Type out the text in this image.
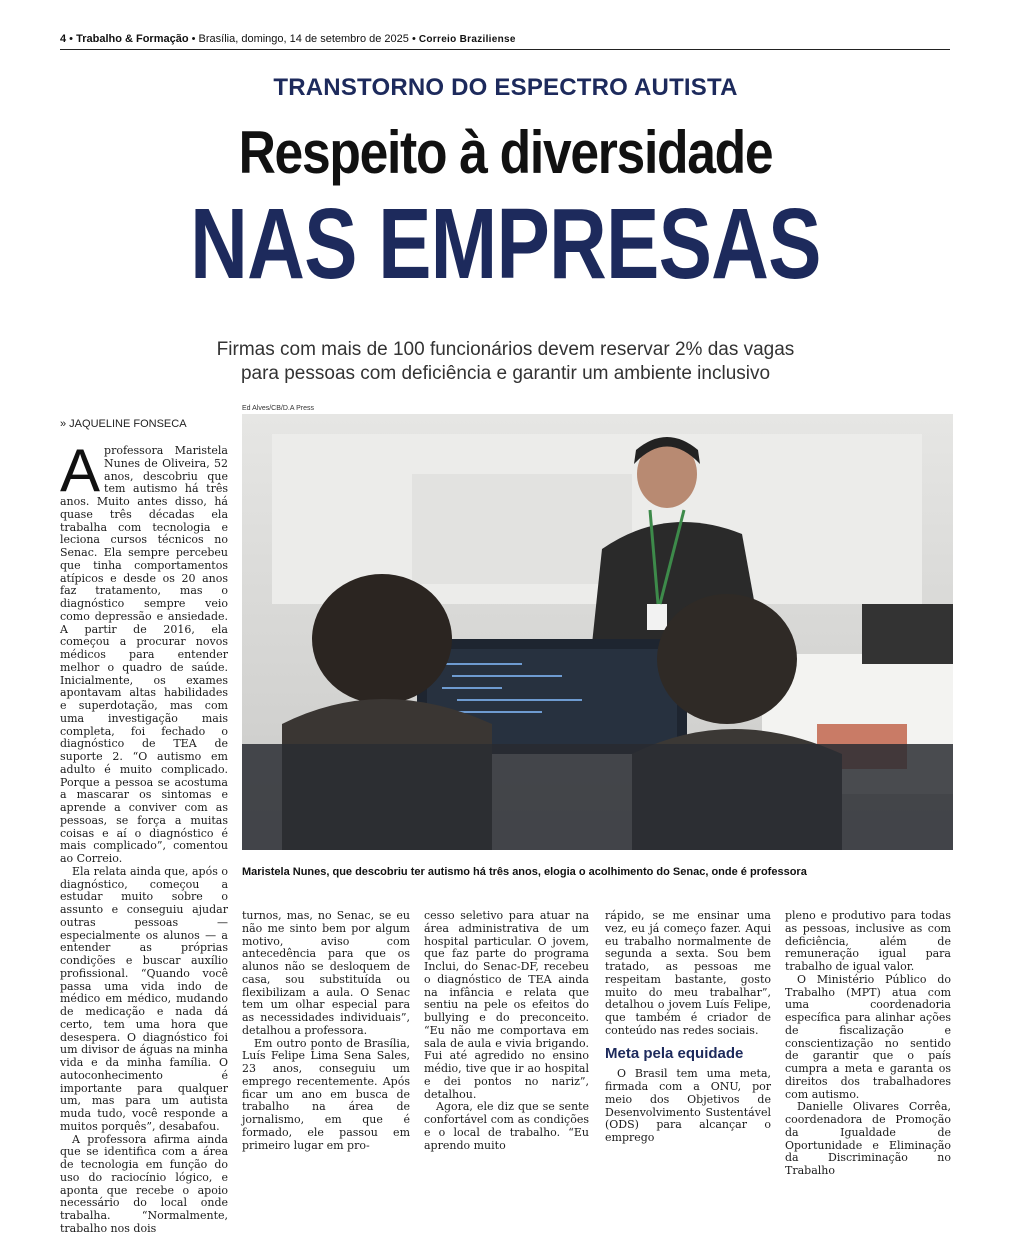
4 • Trabalho & Formação • Brasília, domingo, 14 de setembro de 2025 • Correio Braziliense
TRANSTORNO DO ESPECTRO AUTISTA
Respeito à diversidade
NAS EMPRESAS
Firmas com mais de 100 funcionários devem reservar 2% das vagas
para pessoas com deficiência e garantir um ambiente inclusivo
» JAQUELINE FONSECA
Ed Alves/CB/D.A Press
Maristela Nunes, que descobriu ter autismo há três anos, elogia o acolhimento do Senac, onde é professora

Aprofessora Maristela Nunes de Oliveira, 52 anos, descobriu que tem autismo há três anos. Muito antes disso, há quase três décadas ela trabalha com tecnologia e leciona cursos técnicos no Senac. Ela sempre percebeu que tinha comportamentos atípicos e desde os 20 anos faz tratamento, mas o diagnóstico sempre veio como depressão e ansiedade. A partir de 2016, ela começou a procurar novos médicos para entender melhor o quadro de saúde. Inicialmente, os exames apontavam altas habilidades e superdotação, mas com uma investigação mais completa, foi fechado o diagnóstico de TEA de suporte 2. “O autismo em adulto é muito complicado. Porque a pessoa se acostuma a mascarar os sintomas e aprende a conviver com as pessoas, se força a muitas coisas e aí o diagnóstico é mais complicado”, comentou ao Correio.

Ela relata ainda que, após o diagnóstico, começou a estudar muito sobre o assunto e conseguiu ajudar outras pessoas — especialmente os alunos — a entender as próprias condições e buscar auxílio profissional. “Quando você passa uma vida indo de médico em médico, mudando de medicação e nada dá certo, tem uma hora que desespera. O diagnóstico foi um divisor de águas na minha vida e da minha família. O autoconhecimento é importante para qualquer um, mas para um autista muda tudo, você responde a muitos porquês”, desabafou.

A professora afirma ainda que se identifica com a área de tecnologia em função do uso do raciocínio lógico, e aponta que recebe o apoio necessário do local onde trabalha. “Normalmente, trabalho nos dois

turnos, mas, no Senac, se eu não me sinto bem por algum motivo, aviso com antecedência para que os alunos não se desloquem de casa, sou substituída ou flexibilizam a aula. O Senac tem um olhar especial para as necessidades individuais”, detalhou a professora.

Em outro ponto de Brasília, Luís Felipe Lima Sena Sales, 23 anos, conseguiu um emprego recentemente. Após ficar um ano em busca de trabalho na área de jornalismo, em que é formado, ele passou em primeiro lugar em pro-

cesso seletivo para atuar na área administrativa de um hospital particular. O jovem, que faz parte do programa Inclui, do Senac-DF, recebeu o diagnóstico de TEA ainda na infância e relata que sentiu na pele os efeitos do bullying e do preconceito. “Eu não me comportava em sala de aula e vivia brigando. Fui até agredido no ensino médio, tive que ir ao hospital e dei pontos no nariz”, detalhou.

Agora, ele diz que se sente confortável com as condições e o local de trabalho. “Eu aprendo muito

rápido, se me ensinar uma vez, eu já começo fazer. Aqui eu trabalho normalmente de segunda a sexta. Sou bem tratado, as pessoas me respeitam bastante, gosto muito do meu trabalhar”, detalhou o jovem Luís Felipe, que também é criador de conteúdo nas redes sociais.

Meta pela equidade

O Brasil tem uma meta, firmada com a ONU, por meio dos Objetivos de Desenvolvimento Sustentável (ODS) para alcançar o emprego

pleno e produtivo para todas as pessoas, inclusive as com deficiência, além de remuneração igual para trabalho de igual valor.

O Ministério Público do Trabalho (MPT) atua com uma coordenadoria específica para alinhar ações de fiscalização e conscientização no sentido de garantir que o país cumpra a meta e garanta os direitos dos trabalhadores com autismo.

Danielle Olivares Corrêa, coordenadora de Promoção da Igualdade de Oportunidade e Eliminação da Discriminação no Trabalho
